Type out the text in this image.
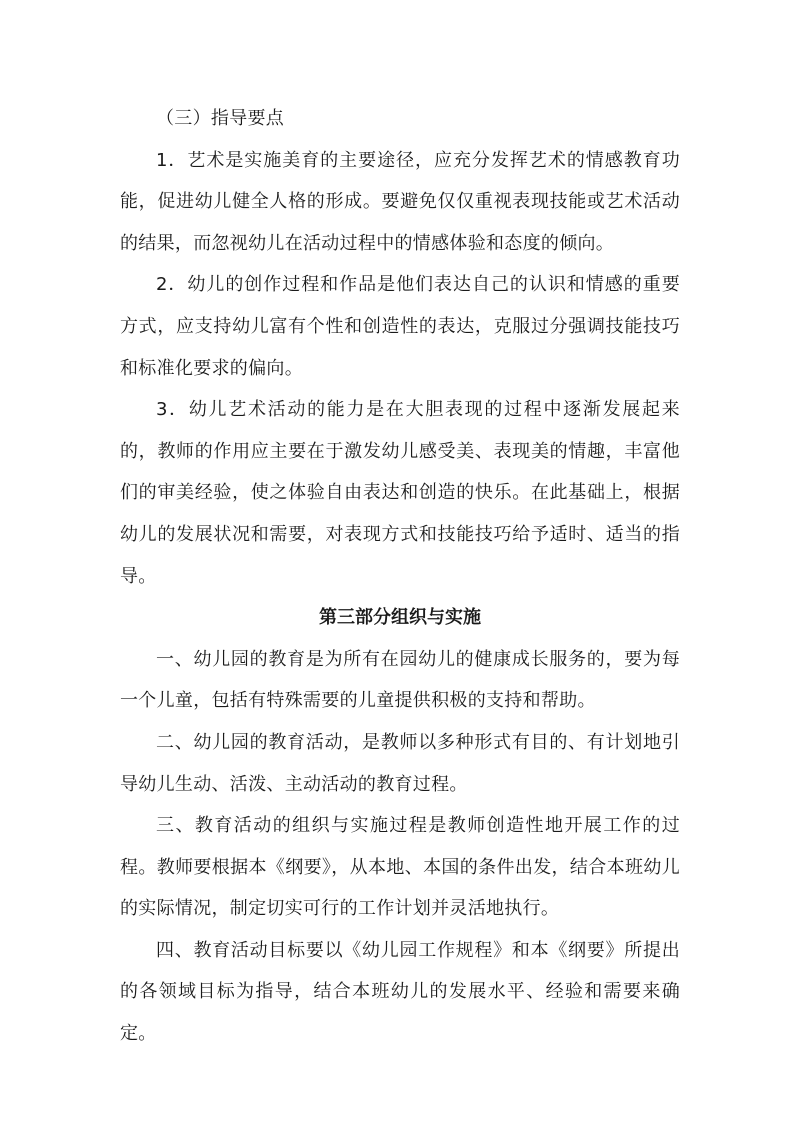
（三）指导要点

1．艺术是实施美育的主要途径，应充分发挥艺术的情感教育功能，促进幼儿健全人格的形成。要避免仅仅重视表现技能或艺术活动的结果，而忽视幼儿在活动过程中的情感体验和态度的倾向。

2．幼儿的创作过程和作品是他们表达自己的认识和情感的重要方式，应支持幼儿富有个性和创造性的表达，克服过分强调技能技巧和标准化要求的偏向。

3．幼儿艺术活动的能力是在大胆表现的过程中逐渐发展起来的，教师的作用应主要在于激发幼儿感受美、表现美的情趣，丰富他们的审美经验，使之体验自由表达和创造的快乐。在此基础上，根据幼儿的发展状况和需要，对表现方式和技能技巧给予适时、适当的指导。

第三部分组织与实施

一、幼儿园的教育是为所有在园幼儿的健康成长服务的，要为每一个儿童，包括有特殊需要的儿童提供积极的支持和帮助。

二、幼儿园的教育活动，是教师以多种形式有目的、有计划地引导幼儿生动、活泼、主动活动的教育过程。

三、教育活动的组织与实施过程是教师创造性地开展工作的过程。教师要根据本《纲要》，从本地、本国的条件出发，结合本班幼儿的实际情况，制定切实可行的工作计划并灵活地执行。

四、教育活动目标要以《幼儿园工作规程》和本《纲要》所提出的各领域目标为指导，结合本班幼儿的发展水平、经验和需要来确定。
